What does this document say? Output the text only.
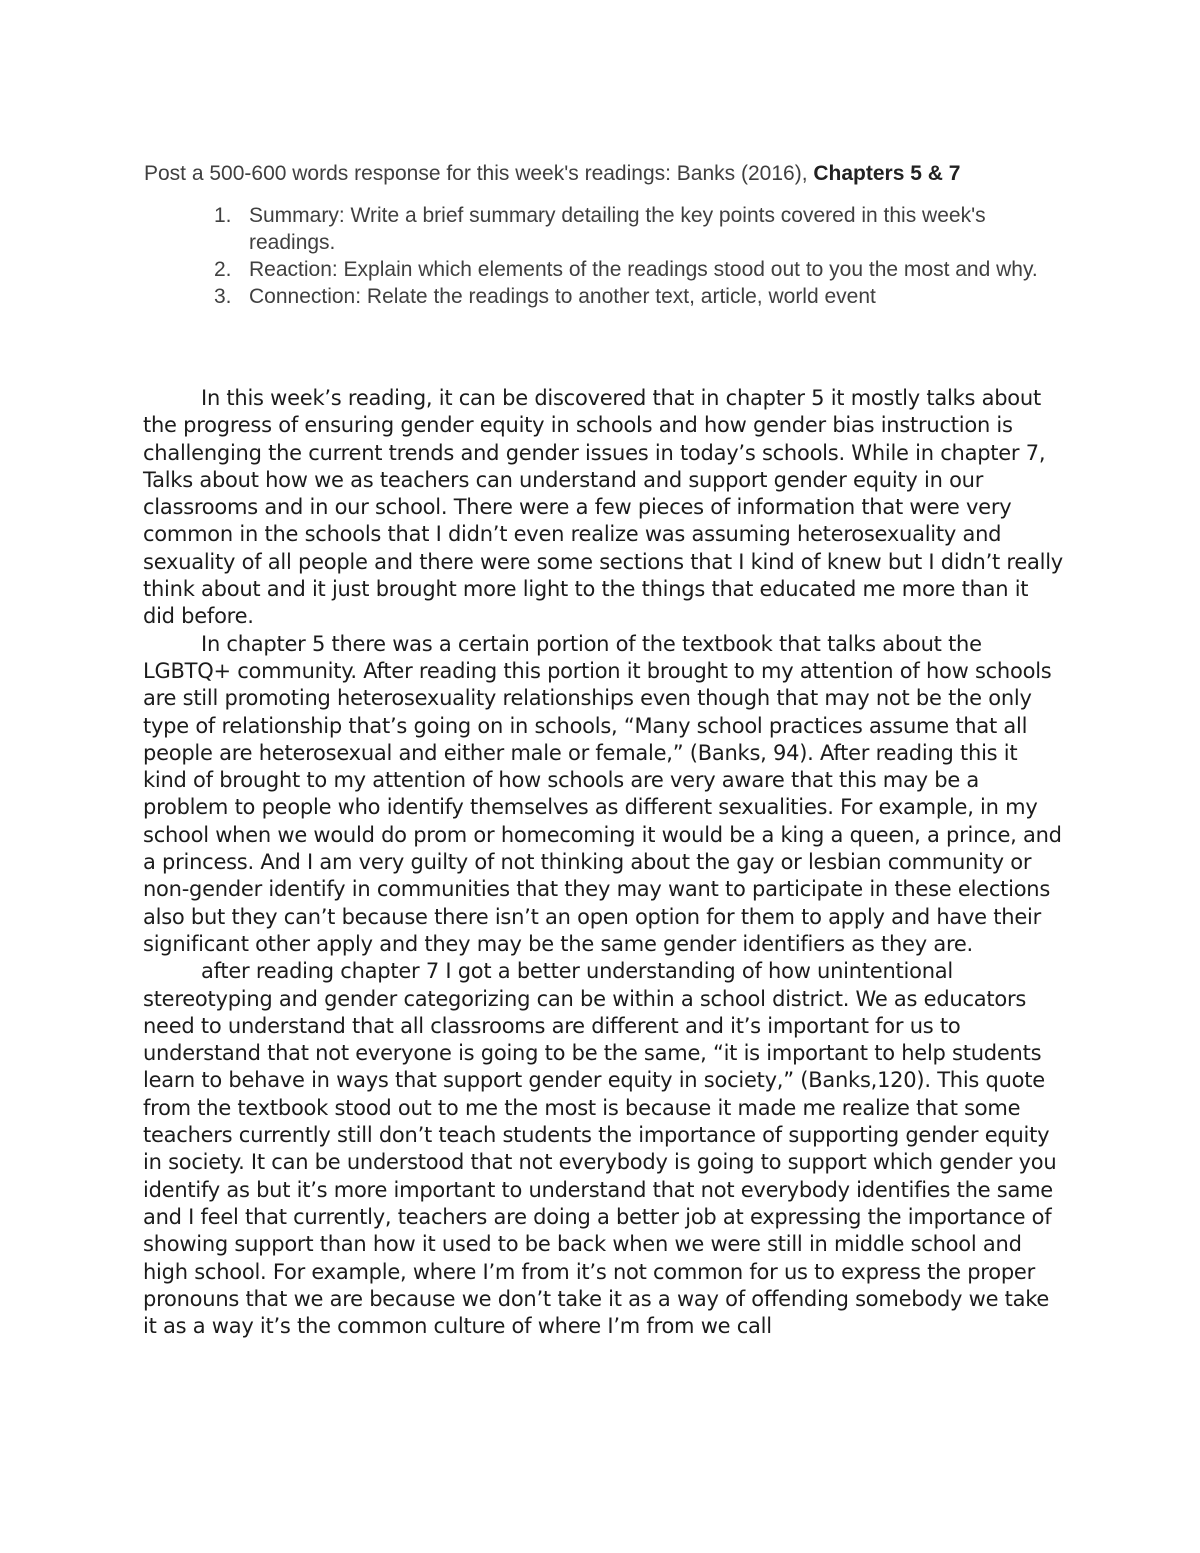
Post a 500-600 words response for this week's readings: Banks (2016), Chapters 5 & 7

1. Summary: Write a brief summary detailing the key points covered in this week's readings.
2. Reaction: Explain which elements of the readings stood out to you the most and why.
3. Connection: Relate the readings to another text, article, world event

In this week’s reading, it can be discovered that in chapter 5 it mostly talks about the progress of ensuring gender equity in schools and how gender bias instruction is challenging the current trends and gender issues in today’s schools. While in chapter 7, Talks about how we as teachers can understand and support gender equity in our classrooms and in our school. There were a few pieces of information that were very common in the schools that I didn’t even realize was assuming heterosexuality and sexuality of all people and there were some sections that I kind of knew but I didn’t really think about and it just brought more light to the things that educated me more than it did before.

In chapter 5 there was a certain portion of the textbook that talks about the LGBTQ+ community. After reading this portion it brought to my attention of how schools are still promoting heterosexuality relationships even though that may not be the only type of relationship that’s going on in schools, “Many school practices assume that all people are heterosexual and either male or female,” (Banks, 94). After reading this it kind of brought to my attention of how schools are very aware that this may be a problem to people who identify themselves as different sexualities. For example, in my school when we would do prom or homecoming it would be a king a queen, a prince, and a princess. And I am very guilty of not thinking about the gay or lesbian community or non-gender identify in communities that they may want to participate in these elections also but they can’t because there isn’t an open option for them to apply and have their significant other apply and they may be the same gender identifiers as they are.

after reading chapter 7 I got a better understanding of how unintentional stereotyping and gender categorizing can be within a school district. We as educators need to understand that all classrooms are different and it’s important for us to understand that not everyone is going to be the same, “it is important to help students learn to behave in ways that support gender equity in society,” (Banks,120). This quote from the textbook stood out to me the most is because it made me realize that some teachers currently still don’t teach students the importance of supporting gender equity in society. It can be understood that not everybody is going to support which gender you identify as but it’s more important to understand that not everybody identifies the same and I feel that currently, teachers are doing a better job at expressing the importance of showing support than how it used to be back when we were still in middle school and high school. For example, where I’m from it’s not common for us to express the proper pronouns that we are because we don’t take it as a way of offending somebody we take it as a way it’s the common culture of where I’m from we call
